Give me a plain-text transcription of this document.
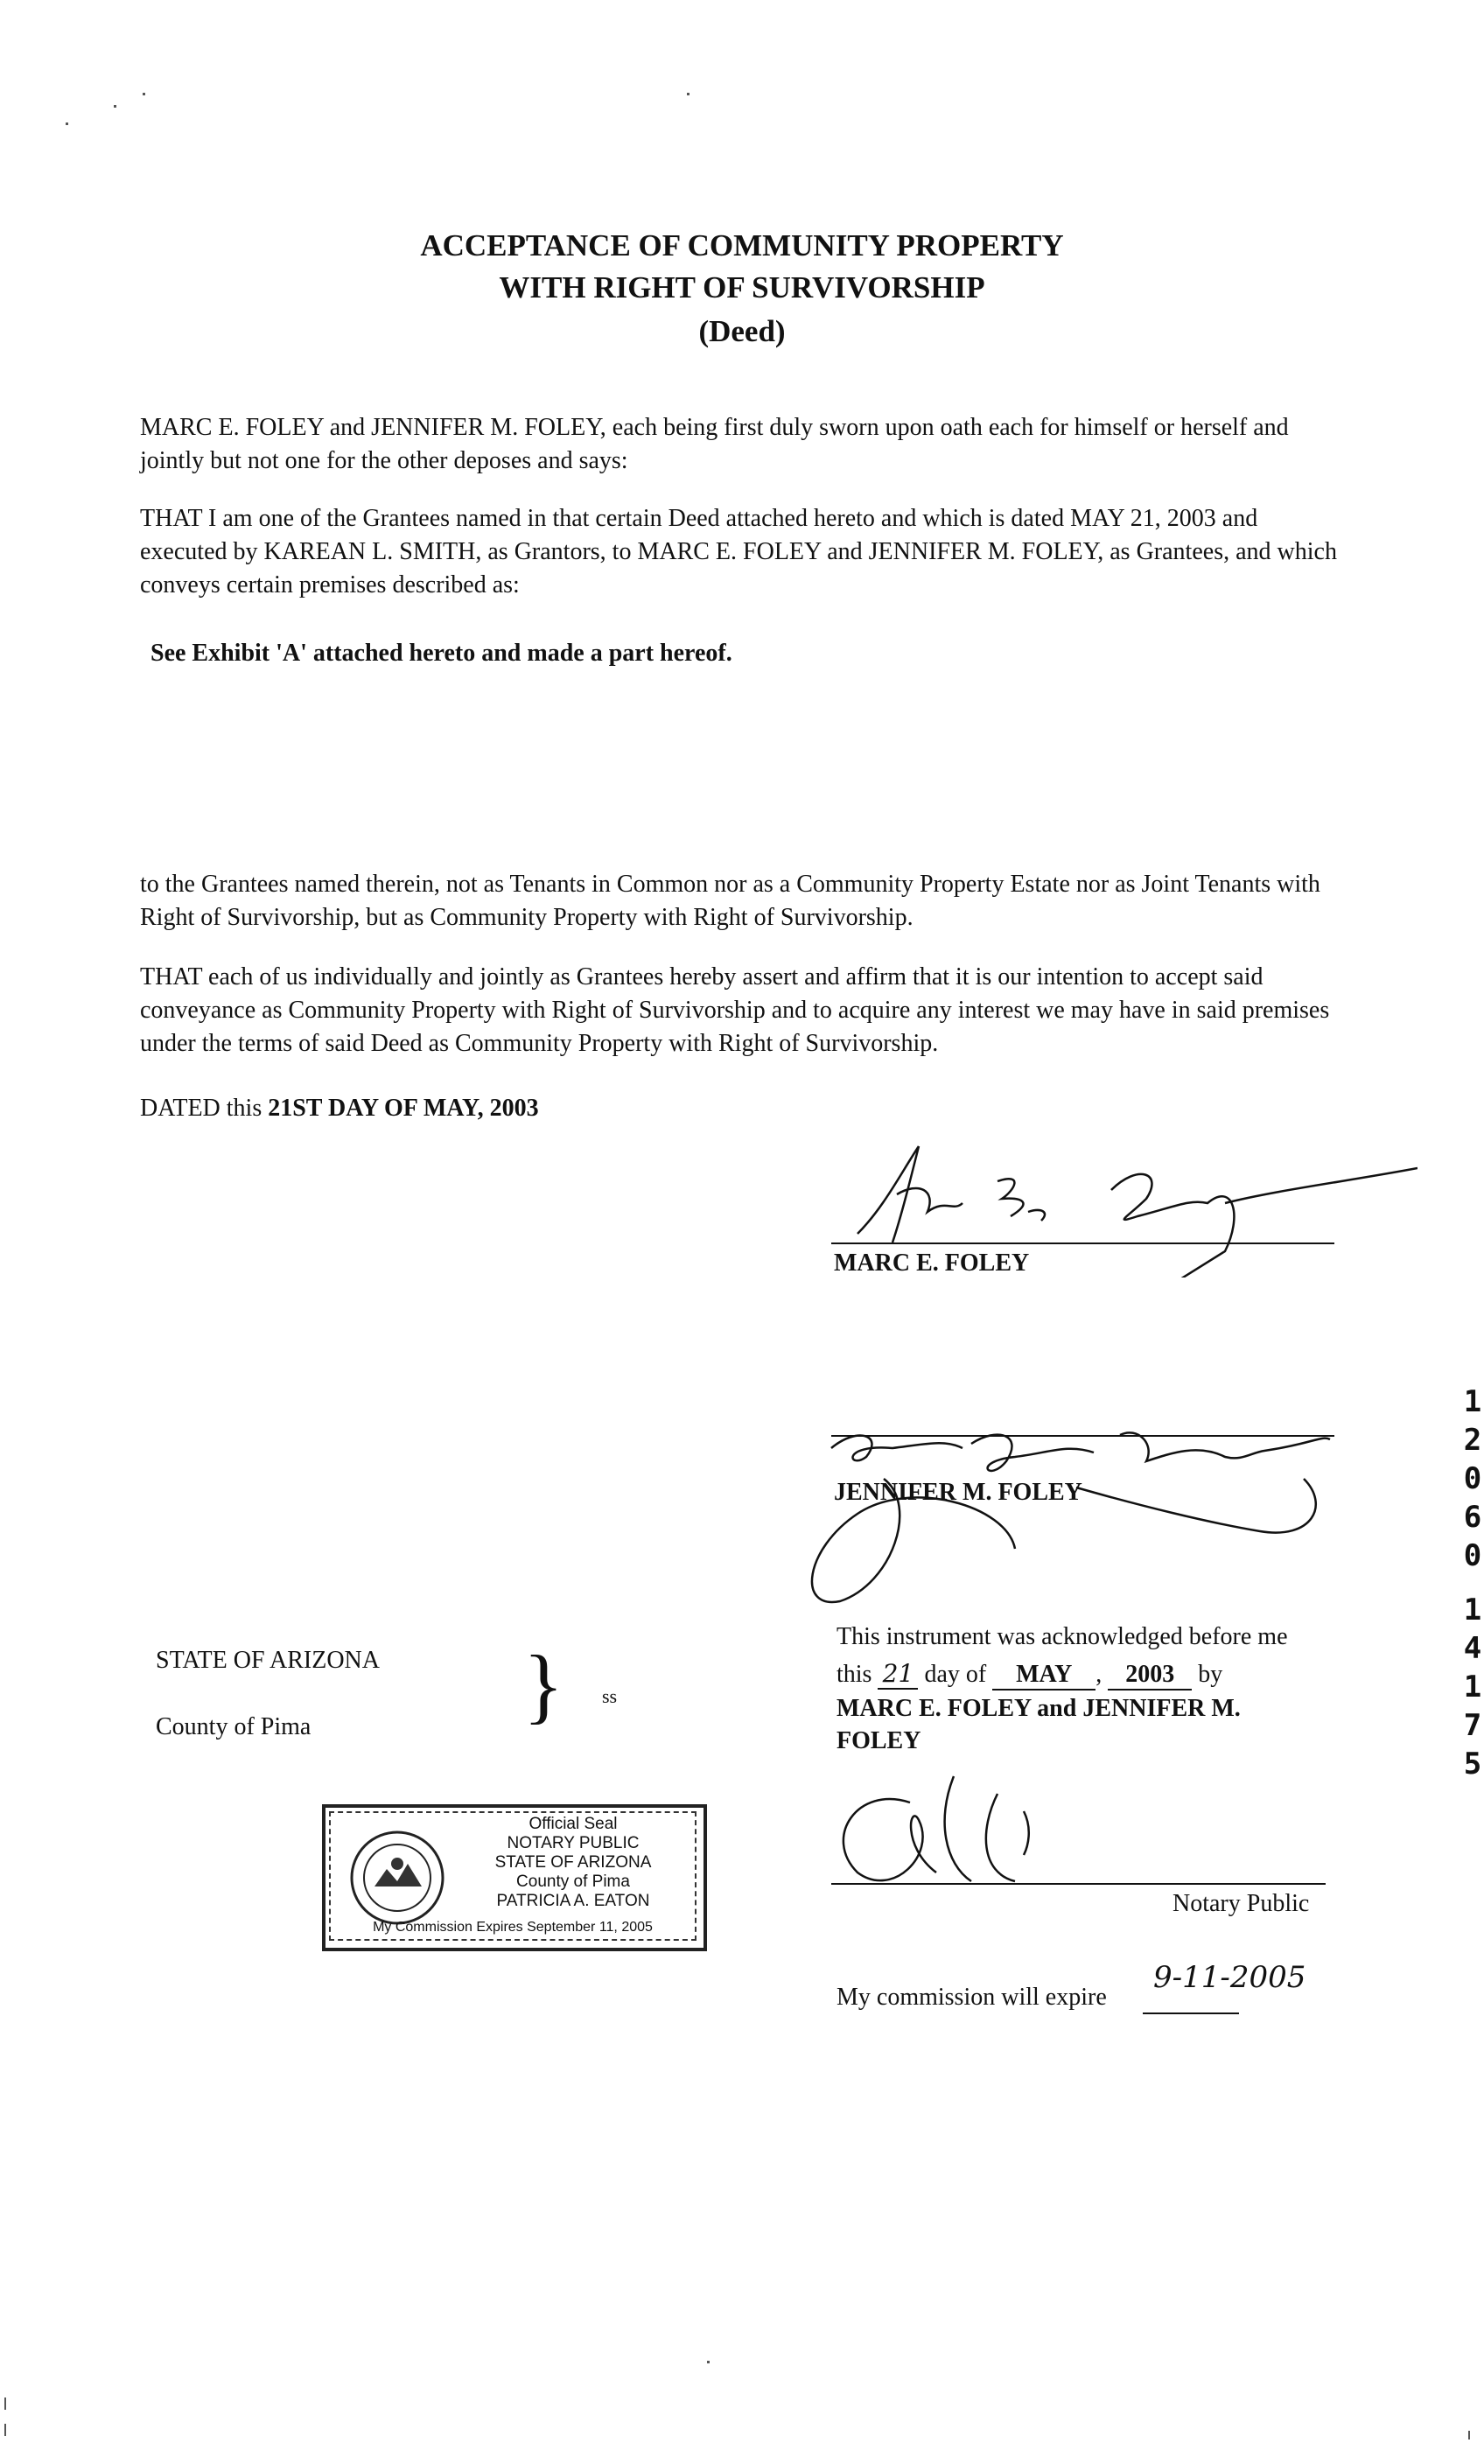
ACCEPTANCE OF COMMUNITY PROPERTY
WITH RIGHT OF SURVIVORSHIP
(Deed)
MARC E. FOLEY and JENNIFER M. FOLEY, each being first duly sworn upon oath each for himself or herself and jointly but not one for the other deposes and says:
THAT I am one of the Grantees named in that certain Deed attached hereto and which is dated MAY 21, 2003 and executed by KAREAN L. SMITH, as Grantors, to MARC E. FOLEY and JENNIFER M. FOLEY, as Grantees, and which conveys certain premises described as:
See Exhibit 'A' attached hereto and made a part hereof.
to the Grantees named therein, not as Tenants in Common nor as a Community Property Estate nor as Joint Tenants with Right of Survivorship, but as Community Property with Right of Survivorship.
THAT each of us individually and jointly as Grantees hereby assert and affirm that it is our intention to accept said conveyance as Community Property with Right of Survivorship and to acquire any interest we may have in said premises under the terms of said Deed as Community Property with Right of Survivorship.
DATED this 21ST DAY OF MAY, 2003
MARC E. FOLEY
JENNIFER M. FOLEY
1
2
0
6
0
1
4
1
7
5
STATE OF ARIZONA
County of Pima	} ss
This instrument was acknowledged before me
this 21 day of MAY , 2003 by
MARC E. FOLEY and JENNIFER M.
FOLEY
Notary Public
My commission will expire
9-11-2005
Official Seal
NOTARY PUBLIC
STATE OF ARIZONA
County of Pima
PATRICIA A. EATON
My Commission Expires September 11, 2005
